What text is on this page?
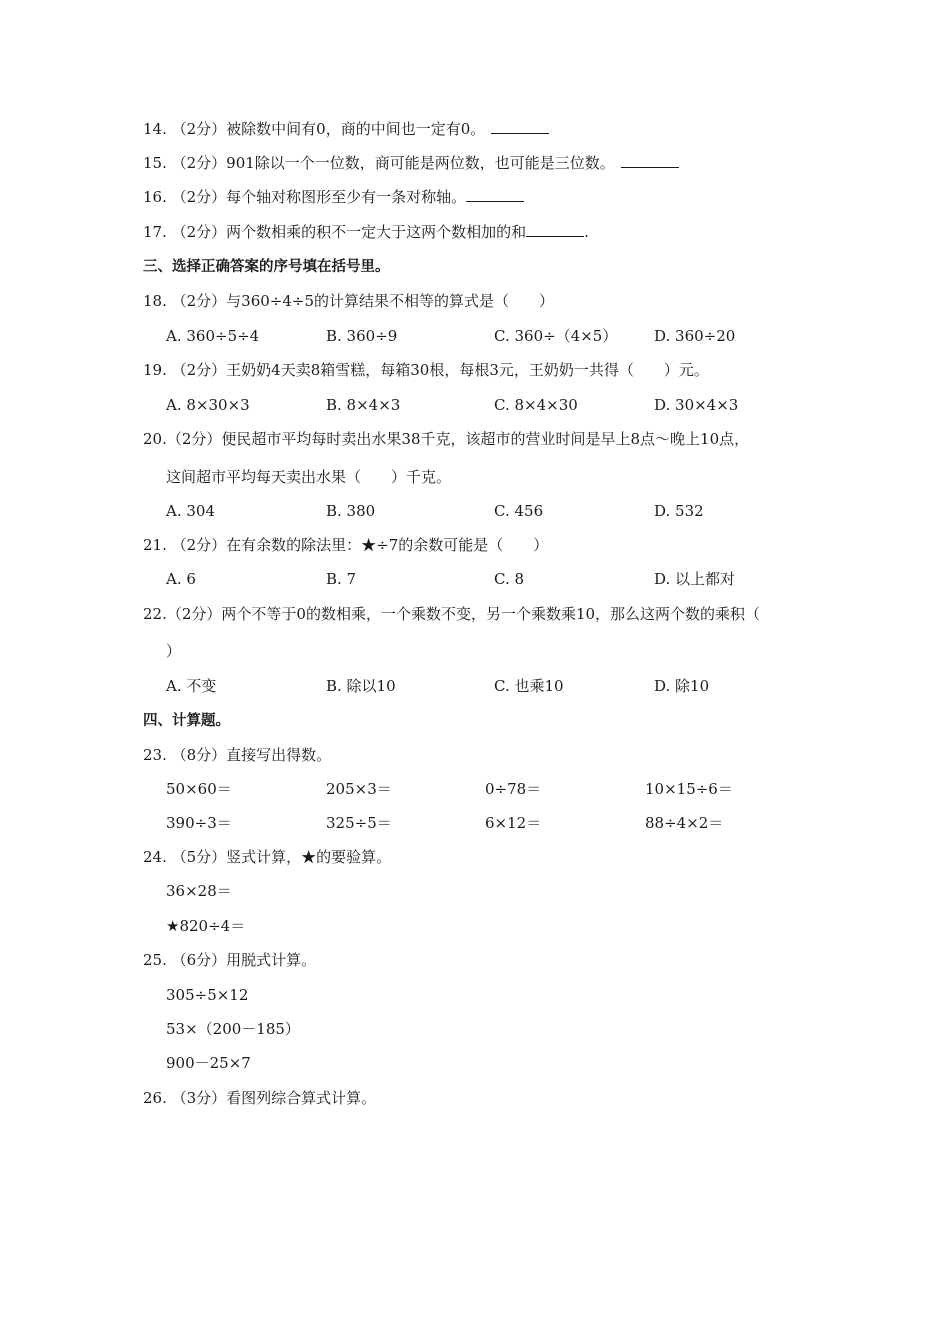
14. （2分）被除数中间有0，商的中间也一定有0。
15. （2分）901除以一个一位数，商可能是两位数，也可能是三位数。
16. （2分）每个轴对称图形至少有一条对称轴。
17. （2分）两个数相乘的积不一定大于这两个数相加的和	.
三、选择正确答案的序号填在括号里。
18. （2分）与360÷4÷5的计算结果不相等的算式是（　　）
A. 360÷5÷4	B. 360÷9	C. 360÷（4×5） D. 360÷20
19. （2分）王奶奶4天卖8箱雪糕，每箱30根，每根3元，王奶奶一共得（　　）元。
A. 8×30×3	B. 8×4×3	C. 8×4×30	D. 30×4×3
20.（2分）便民超市平均每时卖出水果38千克，该超市的营业时间是早上8点～晚上10点，
这间超市平均每天卖出水果（　　）千克。
A. 304	B. 380	C. 456	D. 532
21. （2分）在有余数的除法里：★÷7的余数可能是（　　）
A. 6	B. 7	C. 8	D. 以上都对
22.（2分）两个不等于0的数相乘，一个乘数不变，另一个乘数乘10，那么这两个数的乘积（
）
A. 不变	B. 除以10	C. 也乘10	D. 除10
四、计算题。
23. （8分）直接写出得数。
50×60＝	205×3＝	0÷78＝	10×15÷6＝
390÷3＝	325÷5＝	6×12＝	88÷4×2＝
24. （5分）竖式计算，★的要验算。
36×28＝
★820÷4＝
25. （6分）用脱式计算。
305÷5×12
53×（200－185）
900－25×7
26. （3分）看图列综合算式计算。
